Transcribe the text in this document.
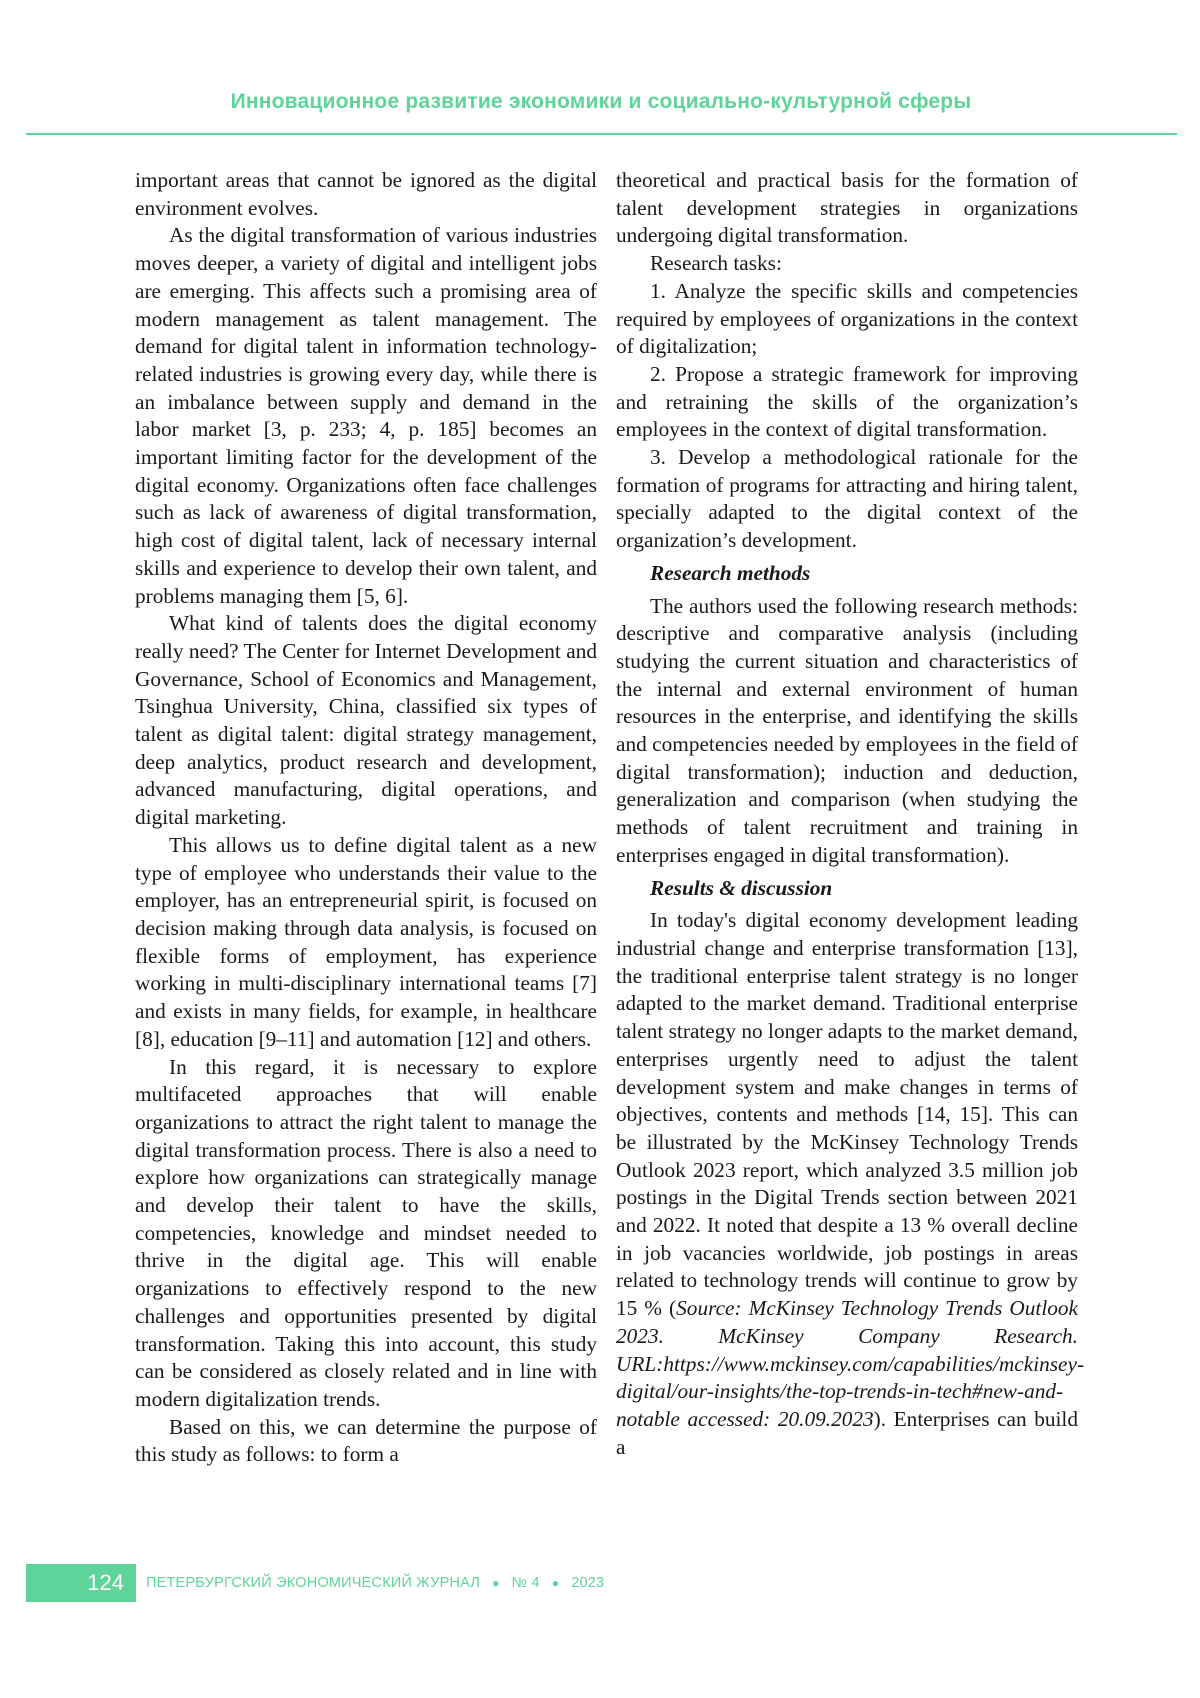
Инновационное развитие экономики и социально-культурной сферы

important areas that cannot be ignored as the digital environment evolves.

As the digital transformation of various industries moves deeper, a variety of digital and intelligent jobs are emerging. This affects such a promising area of modern management as talent management. The demand for digital talent in information technology-related industries is growing every day, while there is an imbalance between supply and demand in the labor market [3, p. 233; 4, p. 185] becomes an important limiting factor for the development of the digital economy. Organizations often face challenges such as lack of awareness of digital transformation, high cost of digital talent, lack of necessary internal skills and experience to develop their own talent, and problems managing them [5, 6].

What kind of talents does the digital economy really need? The Center for Internet Development and Governance, School of Economics and Management, Tsinghua University, China, classified six types of talent as digital talent: digital strategy management, deep analytics, product research and development, advanced manufacturing, digital operations, and digital marketing.

This allows us to define digital talent as a new type of employee who understands their value to the employer, has an entrepreneurial spirit, is focused on decision making through data analysis, is focused on flexible forms of employment, has experience working in multi-disciplinary international teams [7] and exists in many fields, for example, in healthcare [8], education [9–11] and automation [12] and others.

In this regard, it is necessary to explore multifaceted approaches that will enable organizations to attract the right talent to manage the digital transformation process. There is also a need to explore how organizations can strategically manage and develop their talent to have the skills, competencies, knowledge and mindset needed to thrive in the digital age. This will enable organizations to effectively respond to the new challenges and opportunities presented by digital transformation. Taking this into account, this study can be considered as closely related and in line with modern digitalization trends.

Based on this, we can determine the purpose of this study as follows: to form a

theoretical and practical basis for the formation of talent development strategies in organizations undergoing digital transformation.

Research tasks:

1. Analyze the specific skills and competencies required by employees of organizations in the context of digitalization;

2. Propose a strategic framework for improving and retraining the skills of the organization’s employees in the context of digital transformation.

3. Develop a methodological rationale for the formation of programs for attracting and hiring talent, specially adapted to the digital context of the organization’s development.

Research methods

The authors used the following research methods: descriptive and comparative analysis (including studying the current situation and characteristics of the internal and external environment of human resources in the enterprise, and identifying the skills and competencies needed by employees in the field of digital transformation); induction and deduction, generalization and comparison (when studying the methods of talent recruitment and training in enterprises engaged in digital transformation).

Results & discussion

In today's digital economy development leading industrial change and enterprise transformation [13], the traditional enterprise talent strategy is no longer adapted to the market demand. Traditional enterprise talent strategy no longer adapts to the market demand, enterprises urgently need to adjust the talent development system and make changes in terms of objectives, contents and methods [14, 15]. This can be illustrated by the McKinsey Technology Trends Outlook 2023 report, which analyzed 3.5 million job postings in the Digital Trends section between 2021 and 2022. It noted that despite a 13 % overall decline in job vacancies worldwide, job postings in areas related to technology trends will continue to grow by 15 % (Source: McKinsey Technology Trends Outlook 2023. McKinsey Company Research. URL:https://www.mckinsey.com/capabilities/mckinsey-digital/our-insights/the-top-trends-in-tech#new-and-notable accessed: 20.09.2023). Enterprises can build a

124	ПЕТЕРБУРГСКИЙ ЭКОНОМИЧЕСКИЙ ЖУРНАЛ ● № 4 ● 2023
